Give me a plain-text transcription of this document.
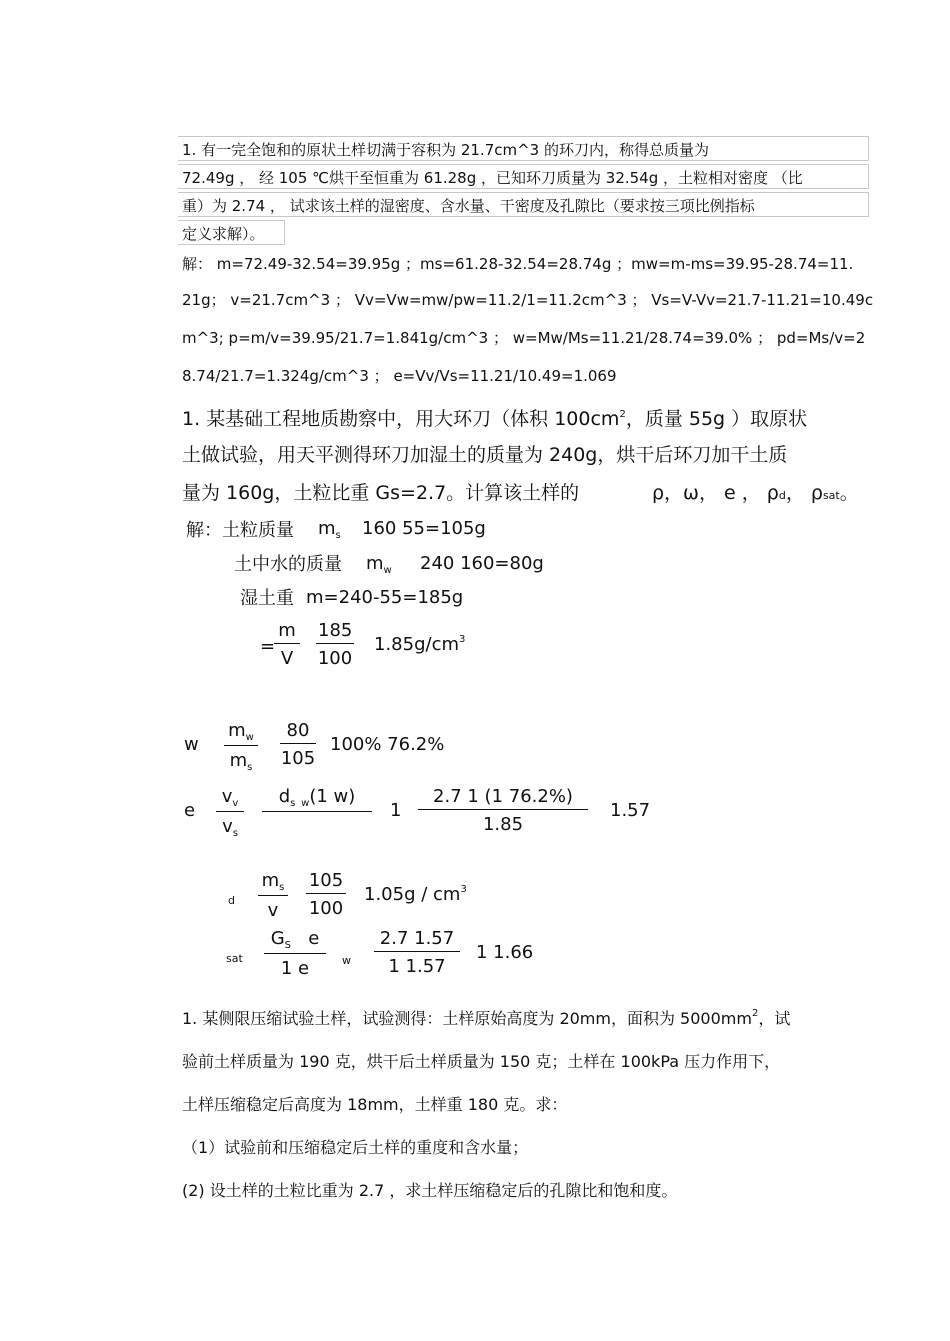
1. 有一完全饱和的原状土样切满于容积为 21.7cm^3 的环刀内，称得总质量为
72.49g ， 经 105 ℃烘干至恒重为 61.28g ，已知环刀质量为 32.54g ，土粒相对密度 （比
重）为 2.74 ， 试求该土样的湿密度、含水量、干密度及孔隙比（要求按三项比例指标
定义求解）。
解： m=72.49-32.54=39.95g ；ms=61.28-32.54=28.74g ；mw=m-ms=39.95-28.74=11.
21g； v=21.7cm^3 ； Vv=Vw=mw/pw=11.2/1=11.2cm^3 ； Vs=V-Vv=21.7-11.21=10.49c
m^3; p=m/v=39.95/21.7=1.841g/cm^3 ； w=Mw/Ms=11.21/28.74=39.0% ； pd=Ms/v=2
8.74/21.7=1.324g/cm^3 ； e=Vv/Vs=11.21/10.49=1.069
1. 某基础工程地质勘察中，用大环刀（体积 $100cm^2$，质量 55g ）取原状
土做试验，用天平测得环刀加湿土的质量为 240g，烘干后环刀加干土质
量为 160g，土粒比重 Gs=2.7。计算该土样的	ρ，ω， e ， ρd， ρsat。
解：土粒质量 $m_s$ 160 55=105g
土中水的质量 $m_w$ 240 160=80g
湿土重 m=240-55=185g
=
$\frac{m}{V} \frac{185}{100} 1.85g/cm^3$
w $\frac{m_w}{m_s} \frac{80}{105} 100\%$ 76.2%
e $\frac{v_v}{v_s}$	$d_s$ $_w$(1 w)

$1 \frac{2.7 1 (1 76.2\%)}{1.85} 1.57$
d $\frac{m_s}{v} \frac{105}{100} 1.05g / cm^3$
sat $\frac{G_S e}{1 e}$ w $\frac{2.7 1.57}{1 1.57} 1$ 1.66
1. 某侧限压缩试验土样，试验测得：土样原始高度为 20mm，面积为 $5000mm^2$，试
验前土样质量为 190 克，烘干后土样质量为 150 克；土样在 100kPa 压力作用下，
土样压缩稳定后高度为 18mm，土样重 180 克。求：
（1）试验前和压缩稳定后土样的重度和含水量；
(2) 设土样的土粒比重为 2.7 ，求土样压缩稳定后的孔隙比和饱和度。
